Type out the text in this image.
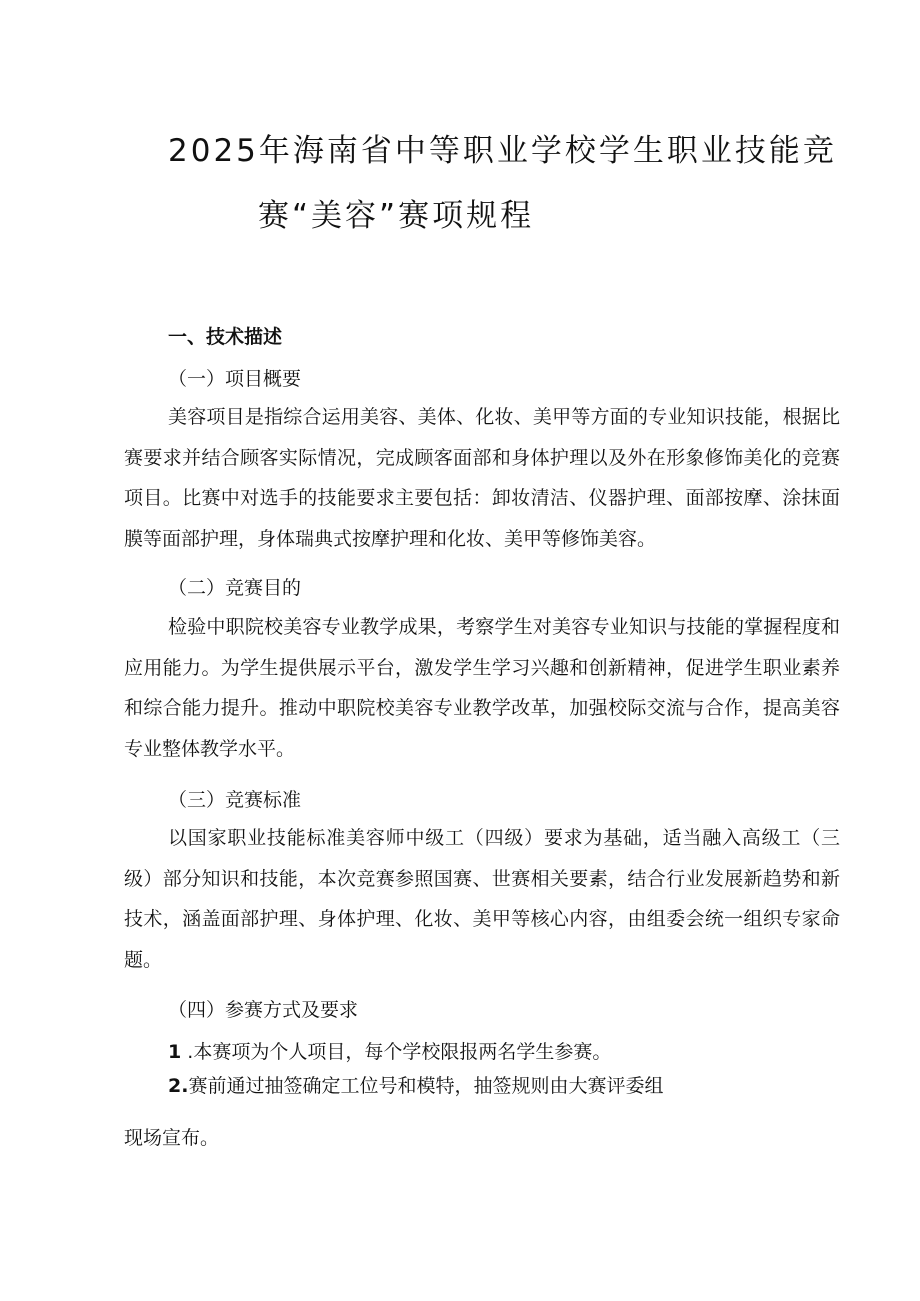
2025年海南省中等职业学校学生职业技能竞
赛“美容”赛项规程
一、技术描述
（一）项目概要
美容项目是指综合运用美容、美体、化妆、美甲等方面的专业知识技能，根据比赛要求并结合顾客实际情况，完成顾客面部和身体护理以及外在形象修饰美化的竞赛项目。比赛中对选手的技能要求主要包括：卸妆清洁、仪器护理、面部按摩、涂抹面膜等面部护理，身体瑞典式按摩护理和化妆、美甲等修饰美容。
（二）竞赛目的
检验中职院校美容专业教学成果，考察学生对美容专业知识与技能的掌握程度和应用能力。为学生提供展示平台，激发学生学习兴趣和创新精神，促进学生职业素养和综合能力提升。推动中职院校美容专业教学改革，加强校际交流与合作，提高美容专业整体教学水平。
（三）竞赛标准
以国家职业技能标准美容师中级工（四级）要求为基础，适当融入高级工（三级）部分知识和技能，本次竞赛参照国赛、世赛相关要素，结合行业发展新趋势和新技术，涵盖面部护理、身体护理、化妆、美甲等核心内容，由组委会统一组织专家命题。
（四）参赛方式及要求
1 .本赛项为个人项目，每个学校限报两名学生参赛。
2.赛前通过抽签确定工位号和模特，抽签规则由大赛评委组
现场宣布。
